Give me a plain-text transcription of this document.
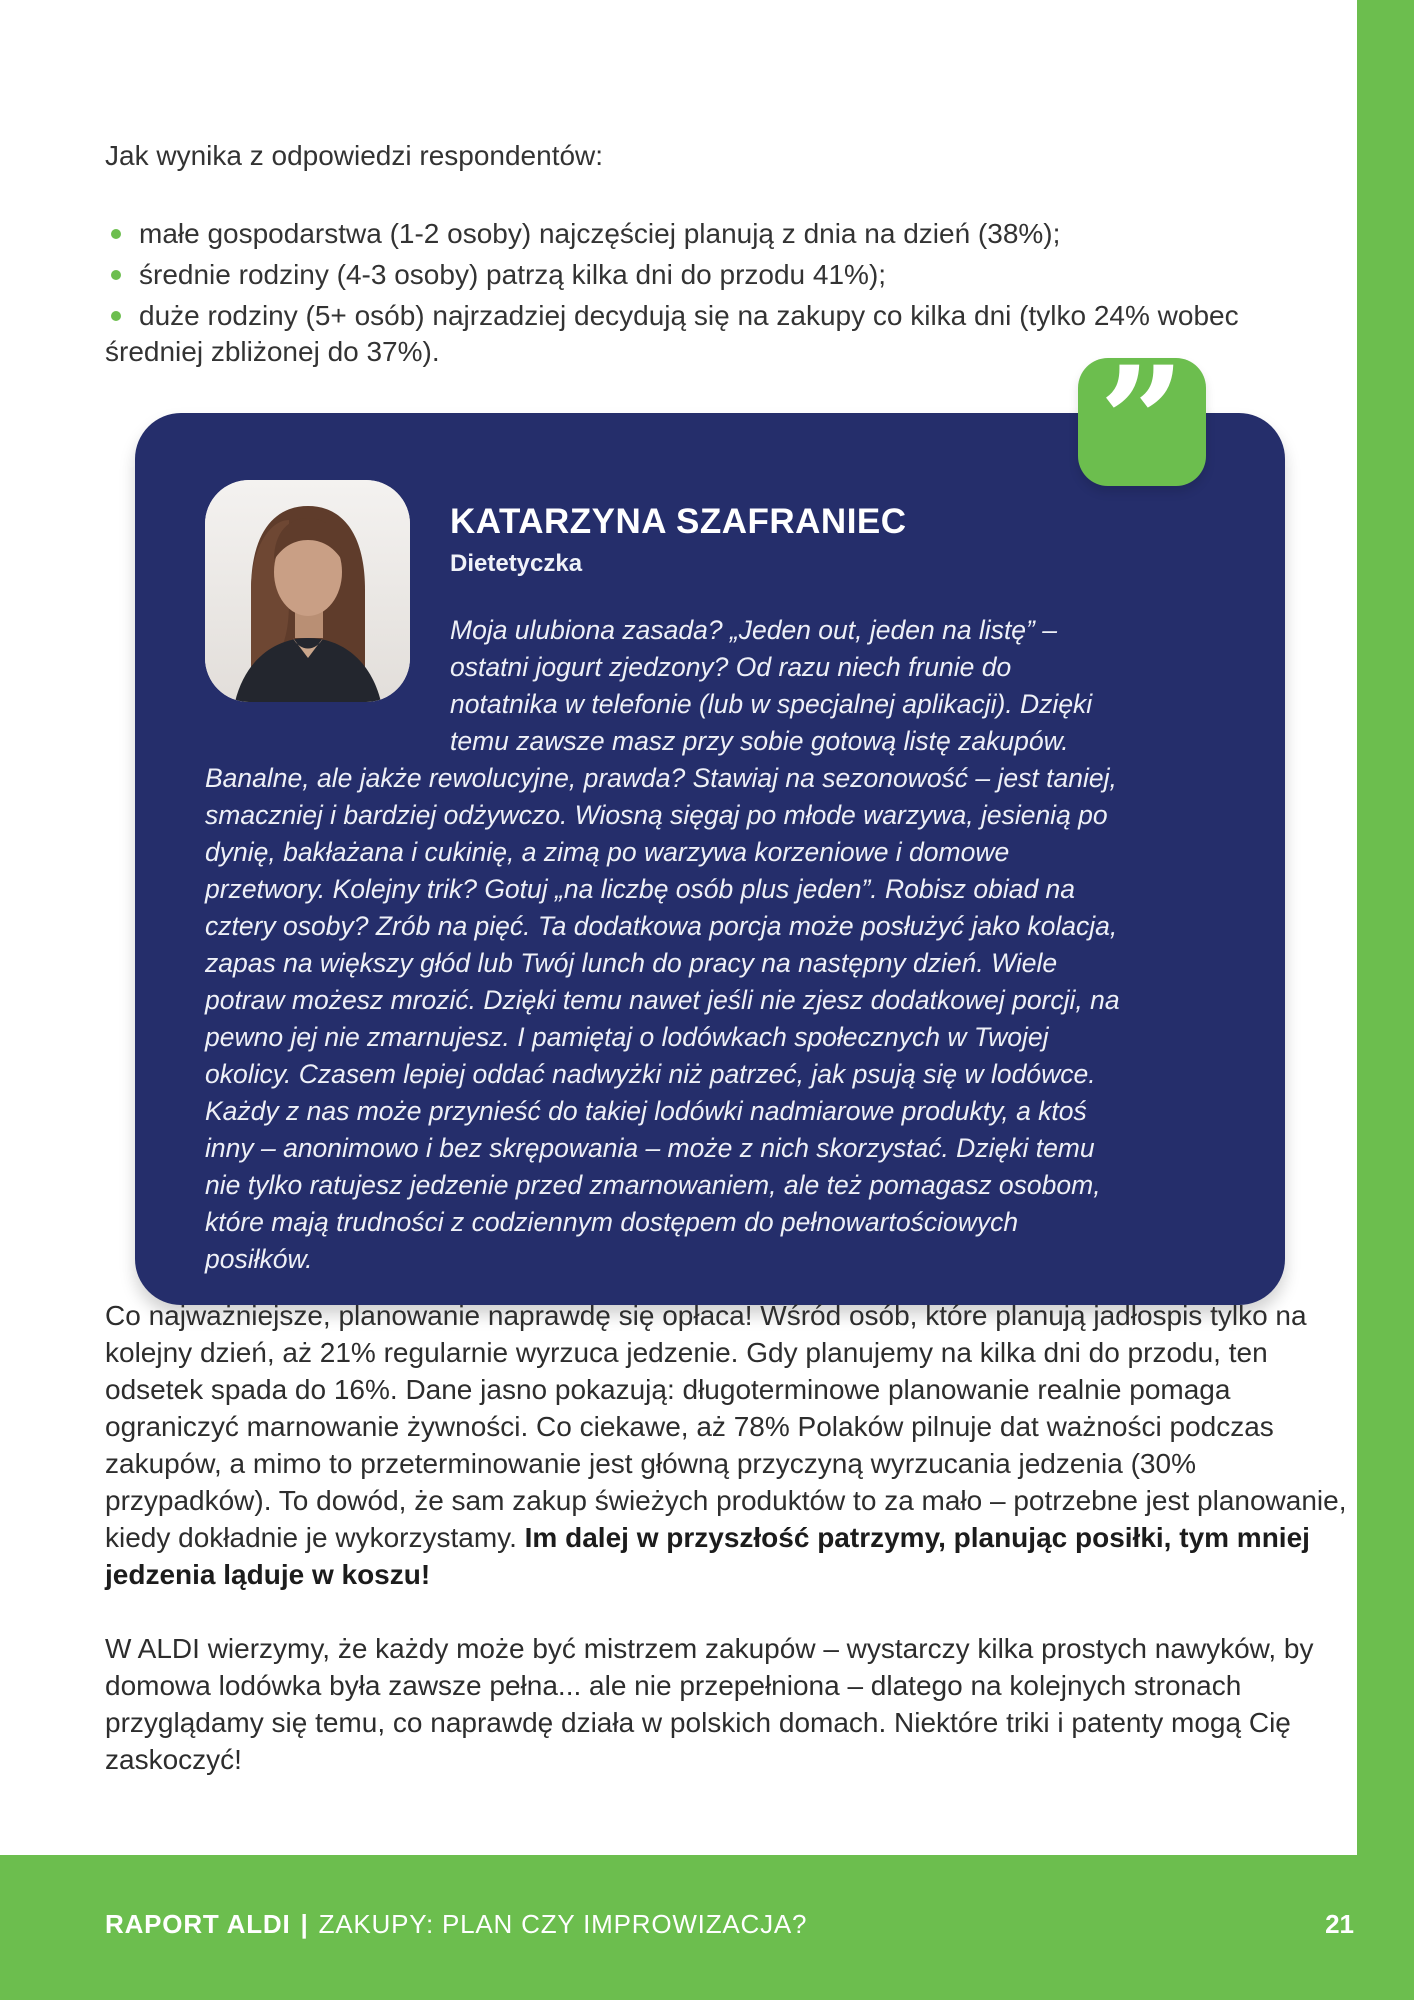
Jak wynika z odpowiedzi respondentów:

małe gospodarstwa (1-2 osoby) najczęściej planują z dnia na dzień (38%);
średnie rodziny (4-3 osoby) patrzą kilka dni do przodu 41%);
duże rodziny (5+ osób) najrzadziej decydują się na zakupy co kilka dni (tylko 24% wobec średniej zbliżonej do 37%).
KATARZYNA SZAFRANIEC

Dietetyczka

Moja ulubiona zasada? „Jeden out, jeden na listę” – ostatni jogurt zjedzony? Od razu niech frunie do notatnika w telefonie (lub w specjalnej aplikacji). Dzięki temu zawsze masz przy sobie gotową listę zakupów. Banalne, ale jakże rewolucyjne, prawda? Stawiaj na sezonowość – jest taniej, smaczniej i bardziej odżywczo. Wiosną sięgaj po młode warzywa, jesienią po dynię, bakłażana i cukinię, a zimą po warzywa korzeniowe i domowe przetwory. Kolejny trik? Gotuj „na liczbę osób plus jeden”. Robisz obiad na cztery osoby? Zrób na pięć. Ta dodatkowa porcja może posłużyć jako kolacja, zapas na większy głód lub Twój lunch do pracy na następny dzień. Wiele potraw możesz mrozić. Dzięki temu nawet jeśli nie zjesz dodatkowej porcji, na pewno jej nie zmarnujesz. I pamiętaj o lodówkach społecznych w Twojej okolicy. Czasem lepiej oddać nadwyżki niż patrzeć, jak psują się w lodówce. Każdy z nas może przynieść do takiej lodówki nadmiarowe produkty, a ktoś inny – anonimowo i bez skrępowania – może z nich skorzystać. Dzięki temu nie tylko ratujesz jedzenie przed zmarnowaniem, ale też pomagasz osobom, które mają trudności z codziennym dostępem do pełnowartościowych posiłków.

”

Co najważniejsze, planowanie naprawdę się opłaca! Wśród osób, które planują jadłospis tylko na kolejny dzień, aż 21% regularnie wyrzuca jedzenie. Gdy planujemy na kilka dni do przodu, ten odsetek spada do 16%. Dane jasno pokazują: długoterminowe planowanie realnie pomaga ograniczyć marnowanie żywności. Co ciekawe, aż 78% Polaków pilnuje dat ważności podczas zakupów, a mimo to przeterminowanie jest główną przyczyną wyrzucania jedzenia (30% przypadków). To dowód, że sam zakup świeżych produktów to za mało – potrzebne jest planowanie, kiedy dokładnie je wykorzystamy. Im dalej w przyszłość patrzymy, planując posiłki, tym mniej jedzenia ląduje w koszu!

W ALDI wierzymy, że każdy może być mistrzem zakupów – wystarczy kilka prostych nawyków, by domowa lodówka była zawsze pełna... ale nie przepełniona – dlatego na kolejnych stronach przyglądamy się temu, co naprawdę działa w polskich domach. Niektóre triki i patenty mogą Cię zaskoczyć!

RAPORT ALDI | ZAKUPY: PLAN CZY IMPROWIZACJA?	21
